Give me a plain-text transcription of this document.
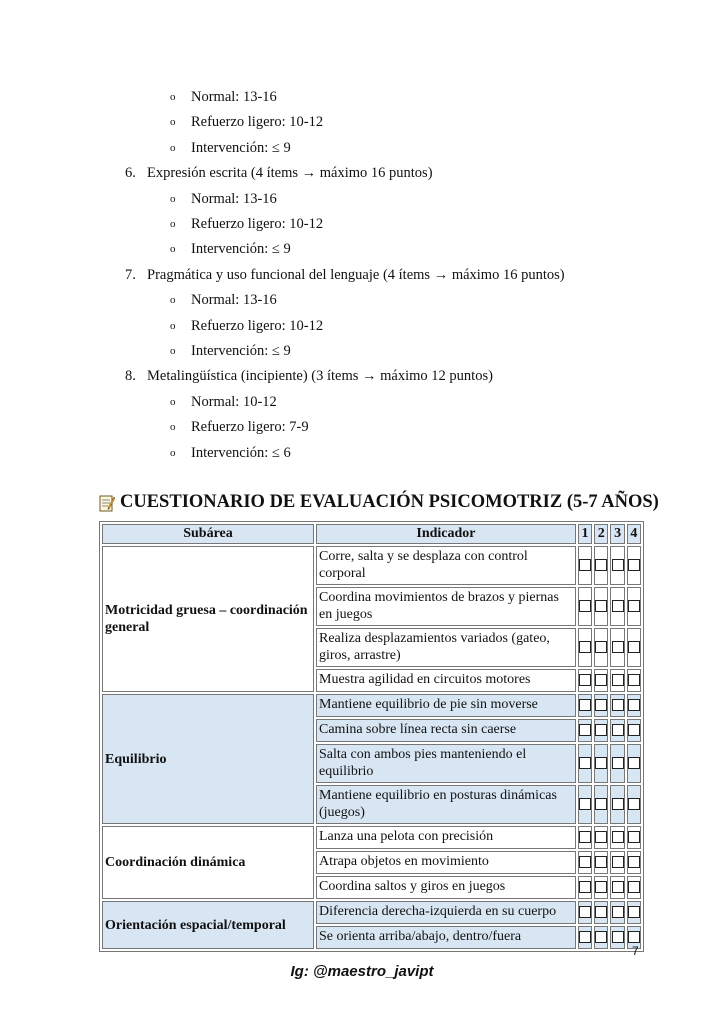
o Normal: 13-16
o Refuerzo ligero: 10-12
o Intervención: ≤ 9
6. Expresión escrita (4 ítems → máximo 16 puntos)
o Normal: 13-16
o Refuerzo ligero: 10-12
o Intervención: ≤ 9
7. Pragmática y uso funcional del lenguaje (4 ítems → máximo 16 puntos)
o Normal: 13-16
o Refuerzo ligero: 10-12
o Intervención: ≤ 9
8. Metalingüística (incipiente) (3 ítems → máximo 12 puntos)
o Normal: 10-12
o Refuerzo ligero: 7-9
o Intervención: ≤ 6
CUESTIONARIO DE EVALUACIÓN PSICOMOTRIZ (5-7 AÑOS)
Subárea	Indicador	1	2	3	4
Motricidad gruesa – coordinación general	Corre, salta y se desplaza con control corporal				
	Coordina movimientos de brazos y piernas en juegos				
	Realiza desplazamientos variados (gateo, giros, arrastre)				
	Muestra agilidad en circuitos motores				
Equilibrio	Mantiene equilibrio de pie sin moverse				
	Camina sobre línea recta sin caerse				
	Salta con ambos pies manteniendo el equilibrio				
	Mantiene equilibrio en posturas dinámicas (juegos)				
Coordinación dinámica	Lanza una pelota con precisión				
	Atrapa objetos en movimiento				
	Coordina saltos y giros en juegos				
Orientación espacial/temporal	Diferencia derecha-izquierda en su cuerpo				
	Se orienta arriba/abajo, dentro/fuera				
7
Ig: @maestro_javipt
